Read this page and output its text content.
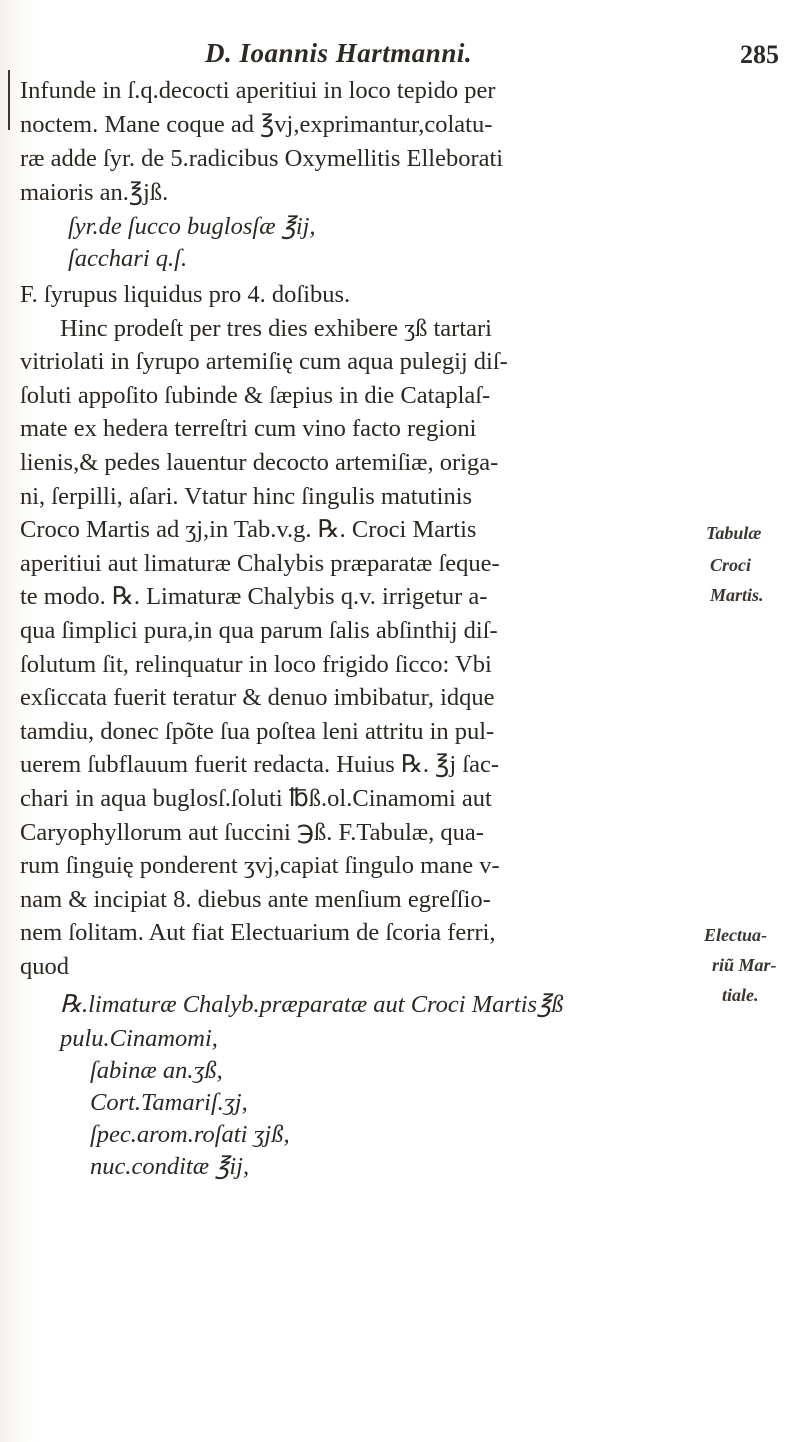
D. Ioannis Hartmanni.	285
Infunde in ſ.q.decocti aperitiui in loco tepido per
noctem. Mane coque ad ℥vj,exprimantur,colatu-
ræ adde ſyr. de 5.radicibus Oxymellitis Elleborati
maioris an.℥jß.
ſyr.de ſucco buglosſæ ℥ij,
ſacchari q.ſ.
F. ſyrupus liquidus pro 4. doſibus.
Hinc prodeſt per tres dies exhibere ʒß tartari
vitriolati in ſyrupo artemiſię cum aqua pulegij diſ-
ſoluti appoſito ſubinde & ſæpius in die Cataplaſ-
mate ex hedera terreſtri cum vino facto regioni
lienis,& pedes lauentur decocto artemiſiæ, origa-
ni, ſerpilli, aſari. Vtatur hinc ſingulis matutinis
Croco Martis ad ʒj,in Tab.v.g. ℞. Croci Martis
aperitiui aut limaturæ Chalybis præparatæ ſeque-
te modo. ℞. Limaturæ Chalybis q.v. irrigetur a-
qua ſimplici pura,in qua parum ſalis abſinthij diſ-
ſolutum ſit, relinquatur in loco frigido ſicco: Vbi
exſiccata fuerit teratur & denuo imbibatur, idque
tamdiu, donec ſpõte ſua poſtea leni attritu in pul-
uerem ſubflauum fuerit redacta. Huius ℞. ℥j ſac-
chari in aqua buglosſ.ſoluti ℔ß.ol.Cinamomi aut
Caryophyllorum aut ſuccini ℈ß. F.Tabulæ, qua-
rum ſinguię ponderent ʒvj,capiat ſingulo mane v-
nam & incipiat 8. diebus ante menſium egreſſio-
nem ſolitam. Aut fiat Electuarium de ſcoria ferri,
quod
℞.limaturæ Chalyb.præparatæ aut Croci Martis℥ß
pulu.Cinamomi,
ſabinæ an.ʒß,
Cort.Tamariſ.ʒj,
ſpec.arom.roſati ʒjß,
nuc.conditæ ℥ij,
Tabulæ
Croci
Martis.
Electua-
riũ Mar-
tiale.
